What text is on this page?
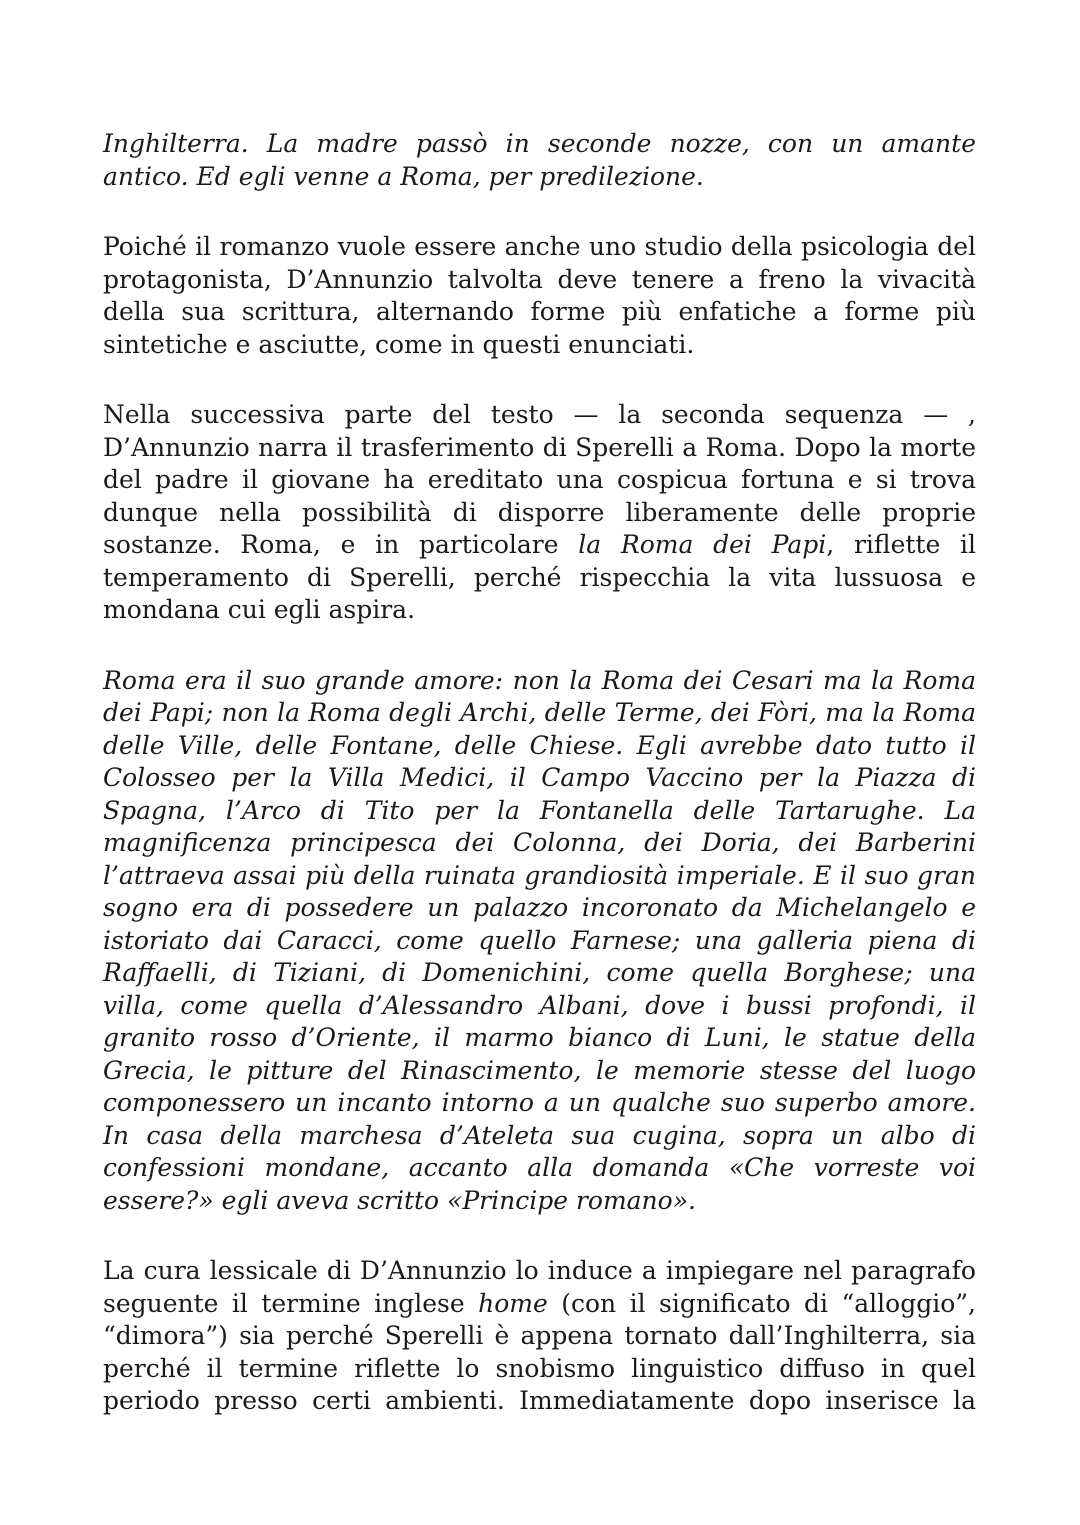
Inghilterra. La madre passò in seconde nozze, con un amante antico. Ed egli venne a Roma, per predilezione.

Poiché il romanzo vuole essere anche uno studio della psicologia del protagonista, D’Annunzio talvolta deve tenere a freno la vivacità della sua scrittura, alternando forme più enfatiche a forme più sintetiche e asciutte, come in questi enunciati.

Nella successiva parte del testo — la seconda sequenza — , D’Annunzio narra il trasferimento di Sperelli a Roma. Dopo la morte del padre il giovane ha ereditato una cospicua fortuna e si trova dunque nella possibilità di disporre liberamente delle proprie sostanze. Roma, e in particolare la Roma dei Papi, riflette il temperamento di Sperelli, perché rispecchia la vita lussuosa e mondana cui egli aspira.

Roma era il suo grande amore: non la Roma dei Cesari ma la Roma dei Papi; non la Roma degli Archi, delle Terme, dei Fòri, ma la Roma delle Ville, delle Fontane, delle Chiese. Egli avrebbe dato tutto il Colosseo per la Villa Medici, il Campo Vaccino per la Piazza di Spagna, l’Arco di Tito per la Fontanella delle Tartarughe. La magnificenza principesca dei Colonna, dei Doria, dei Barberini l’attraeva assai più della ruinata grandiosità imperiale. E il suo gran sogno era di possedere un palazzo incoronato da Michelangelo e istoriato dai Caracci, come quello Farnese; una galleria piena di Raffaelli, di Tiziani, di Domenichini, come quella Borghese; una villa, come quella d’Alessandro Albani, dove i bussi profondi, il granito rosso d’Oriente, il marmo bianco di Luni, le statue della Grecia, le pitture del Rinascimento, le memorie stesse del luogo componessero un incanto intorno a un qualche suo superbo amore. In casa della marchesa d’Ateleta sua cugina, sopra un albo di confessioni mondane, accanto alla domanda «Che vorreste voi essere?» egli aveva scritto «Principe romano».

La cura lessicale di D’Annunzio lo induce a impiegare nel paragrafo seguente il termine inglese home (con il significato di “alloggio”, “dimora”) sia perché Sperelli è appena tornato dall’Inghilterra, sia perché il termine riflette lo snobismo linguistico diffuso in quel periodo presso certi ambienti. Immediatamente dopo inserisce la
